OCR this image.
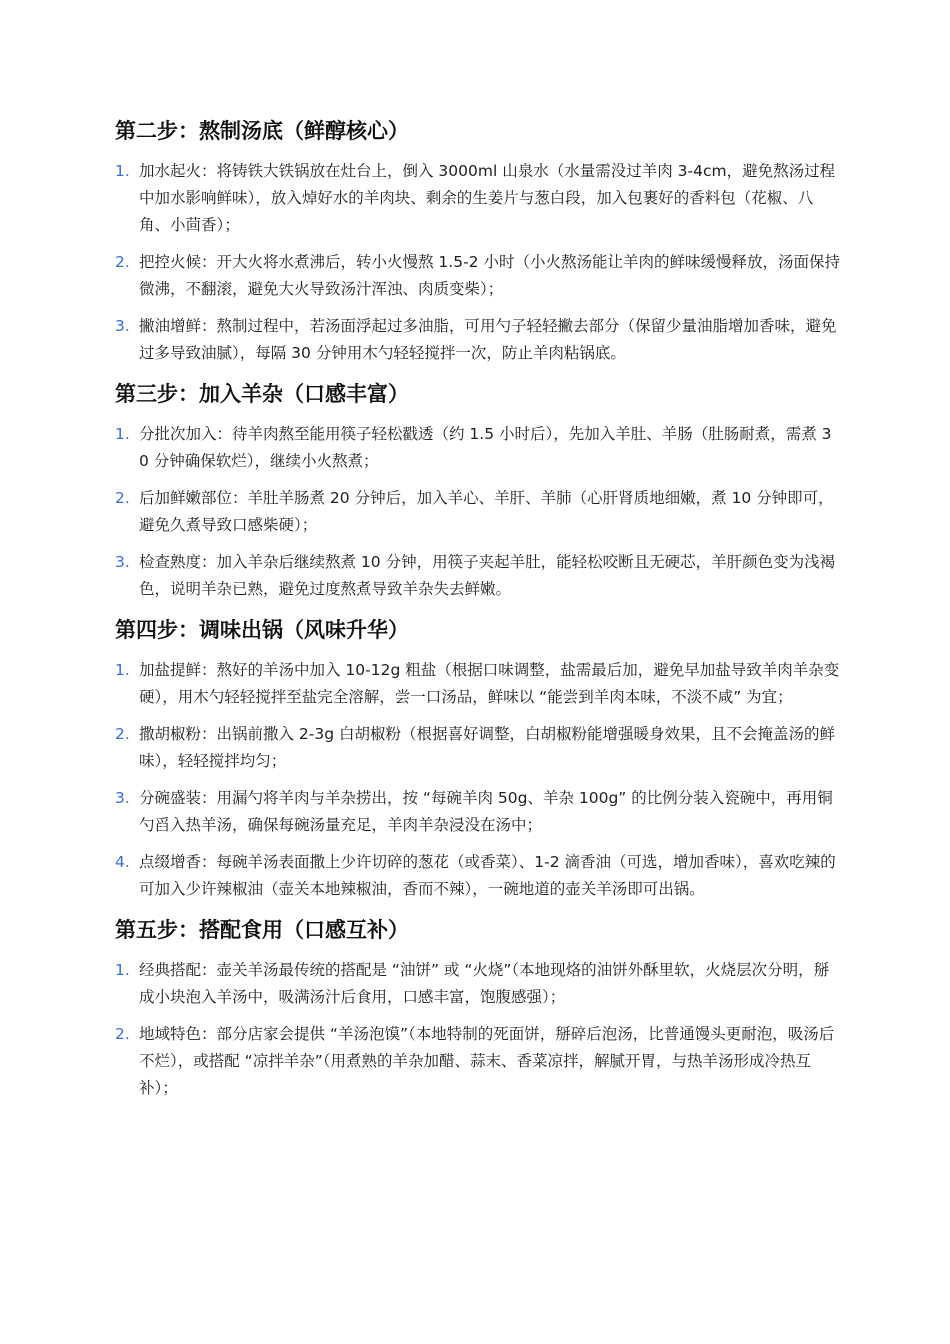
第二步：熬制汤底（鲜醇核心）
1. 加水起火：将铸铁大铁锅放在灶台上，倒入 3000ml 山泉水（水量需没过羊肉 3-4cm，避免熬汤过程中加水影响鲜味），放入焯好水的羊肉块、剩余的生姜片与葱白段，加入包裹好的香料包（花椒、八角、小茴香）；
2. 把控火候：开大火将水煮沸后，转小火慢熬 1.5-2 小时（小火熬汤能让羊肉的鲜味缓慢释放，汤面保持微沸，不翻滚，避免大火导致汤汁浑浊、肉质变柴）；
3. 撇油增鲜：熬制过程中，若汤面浮起过多油脂，可用勺子轻轻撇去部分（保留少量油脂增加香味，避免过多导致油腻），每隔 30 分钟用木勺轻轻搅拌一次，防止羊肉粘锅底。
第三步：加入羊杂（口感丰富）
1. 分批次加入：待羊肉熬至能用筷子轻松戳透（约 1.5 小时后），先加入羊肚、羊肠（肚肠耐煮，需煮 30 分钟确保软烂），继续小火熬煮；
2. 后加鲜嫩部位：羊肚羊肠煮 20 分钟后，加入羊心、羊肝、羊肺（心肝肾质地细嫩，煮 10 分钟即可，避免久煮导致口感柴硬）；
3. 检查熟度：加入羊杂后继续熬煮 10 分钟，用筷子夹起羊肚，能轻松咬断且无硬芯，羊肝颜色变为浅褐色，说明羊杂已熟，避免过度熬煮导致羊杂失去鲜嫩。
第四步：调味出锅（风味升华）
1. 加盐提鲜：熬好的羊汤中加入 10-12g 粗盐（根据口味调整，盐需最后加，避免早加盐导致羊肉羊杂变硬），用木勺轻轻搅拌至盐完全溶解，尝一口汤品，鲜味以 “能尝到羊肉本味，不淡不咸” 为宜；
2. 撒胡椒粉：出锅前撒入 2-3g 白胡椒粉（根据喜好调整，白胡椒粉能增强暖身效果，且不会掩盖汤的鲜味），轻轻搅拌均匀；
3. 分碗盛装：用漏勺将羊肉与羊杂捞出，按 “每碗羊肉 50g、羊杂 100g” 的比例分装入瓷碗中，再用铜勺舀入热羊汤，确保每碗汤量充足，羊肉羊杂浸没在汤中；
4. 点缀增香：每碗羊汤表面撒上少许切碎的葱花（或香菜）、1-2 滴香油（可选，增加香味），喜欢吃辣的可加入少许辣椒油（壶关本地辣椒油，香而不辣），一碗地道的壶关羊汤即可出锅。
第五步：搭配食用（口感互补）
1. 经典搭配：壶关羊汤最传统的搭配是 “油饼” 或 “火烧”（本地现烙的油饼外酥里软，火烧层次分明，掰成小块泡入羊汤中，吸满汤汁后食用，口感丰富，饱腹感强）；
2. 地域特色：部分店家会提供 “羊汤泡馍”（本地特制的死面饼，掰碎后泡汤，比普通馒头更耐泡，吸汤后不烂），或搭配 “凉拌羊杂”（用煮熟的羊杂加醋、蒜末、香菜凉拌，解腻开胃，与热羊汤形成冷热互补）；
